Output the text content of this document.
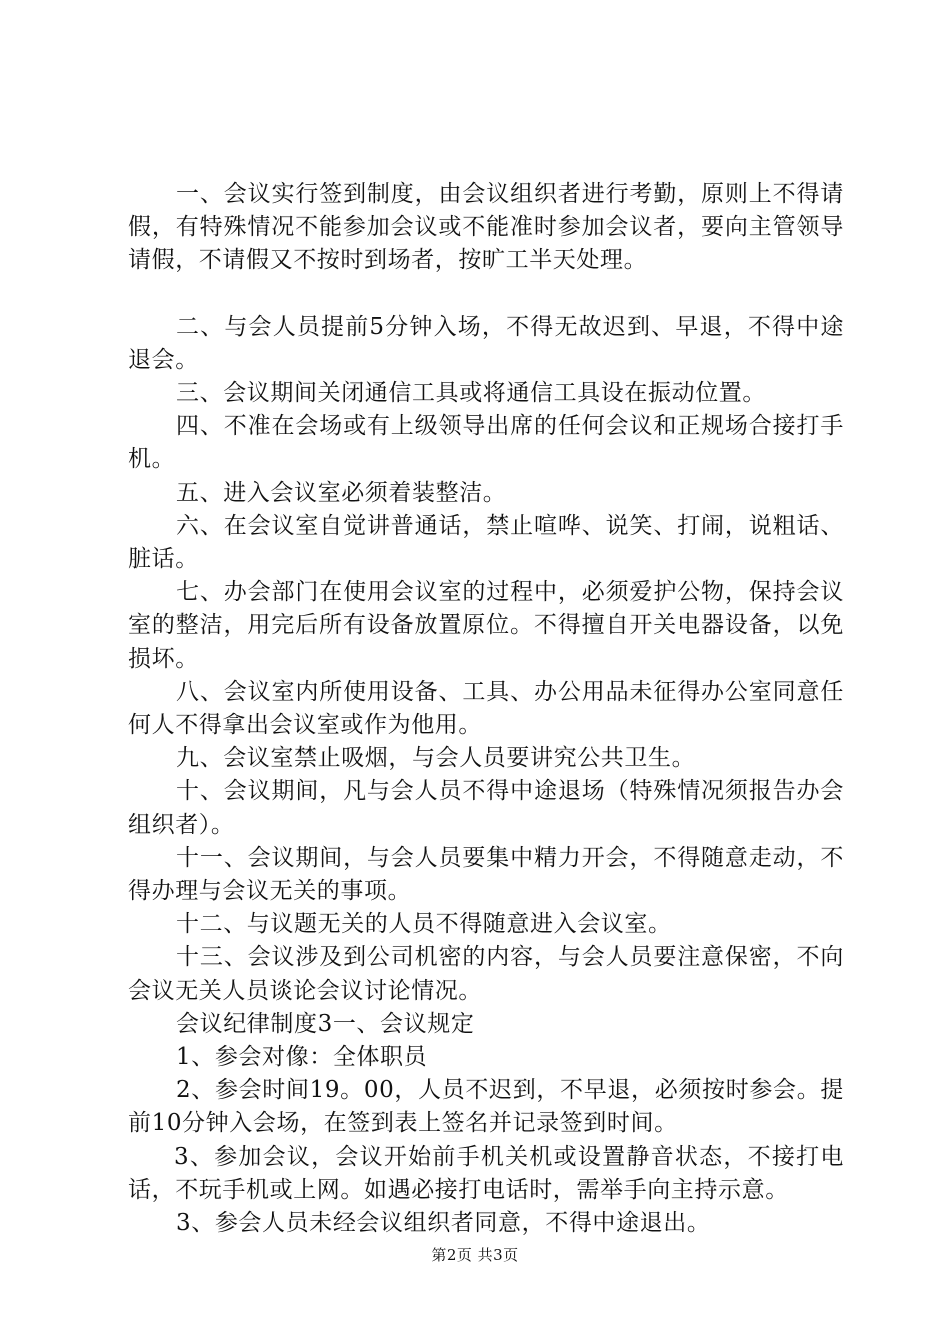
一、会议实行签到制度，由会议组织者进行考勤，原则上不得请假，有特殊情况不能参加会议或不能准时参加会议者，要向主管领导请假，不请假又不按时到场者，按旷工半天处理。

二、与会人员提前5分钟入场，不得无故迟到、早退，不得中途退会。

三、会议期间关闭通信工具或将通信工具设在振动位置。

四、不准在会场或有上级领导出席的任何会议和正规场合接打手机。

五、进入会议室必须着装整洁。

六、在会议室自觉讲普通话，禁止喧哗、说笑、打闹，说粗话、脏话。

七、办会部门在使用会议室的过程中，必须爱护公物，保持会议室的整洁，用完后所有设备放置原位。不得擅自开关电器设备，以免损坏。

八、会议室内所使用设备、工具、办公用品未征得办公室同意任何人不得拿出会议室或作为他用。

九、会议室禁止吸烟，与会人员要讲究公共卫生。

十、会议期间，凡与会人员不得中途退场（特殊情况须报告办会组织者）。

十一、会议期间，与会人员要集中精力开会，不得随意走动，不得办理与会议无关的事项。

十二、与议题无关的人员不得随意进入会议室。

十三、会议涉及到公司机密的内容，与会人员要注意保密，不向会议无关人员谈论会议讨论情况。

会议纪律制度3一、会议规定

1、参会对像：全体职员

2、参会时间19。00，人员不迟到，不早退，必须按时参会。提前10分钟入会场，在签到表上签名并记录签到时间。

3、参加会议，会议开始前手机关机或设置静音状态，不接打电话，不玩手机或上网。如遇必接打电话时，需举手向主持示意。

3、参会人员未经会议组织者同意，不得中途退出。

第2页 共3页
